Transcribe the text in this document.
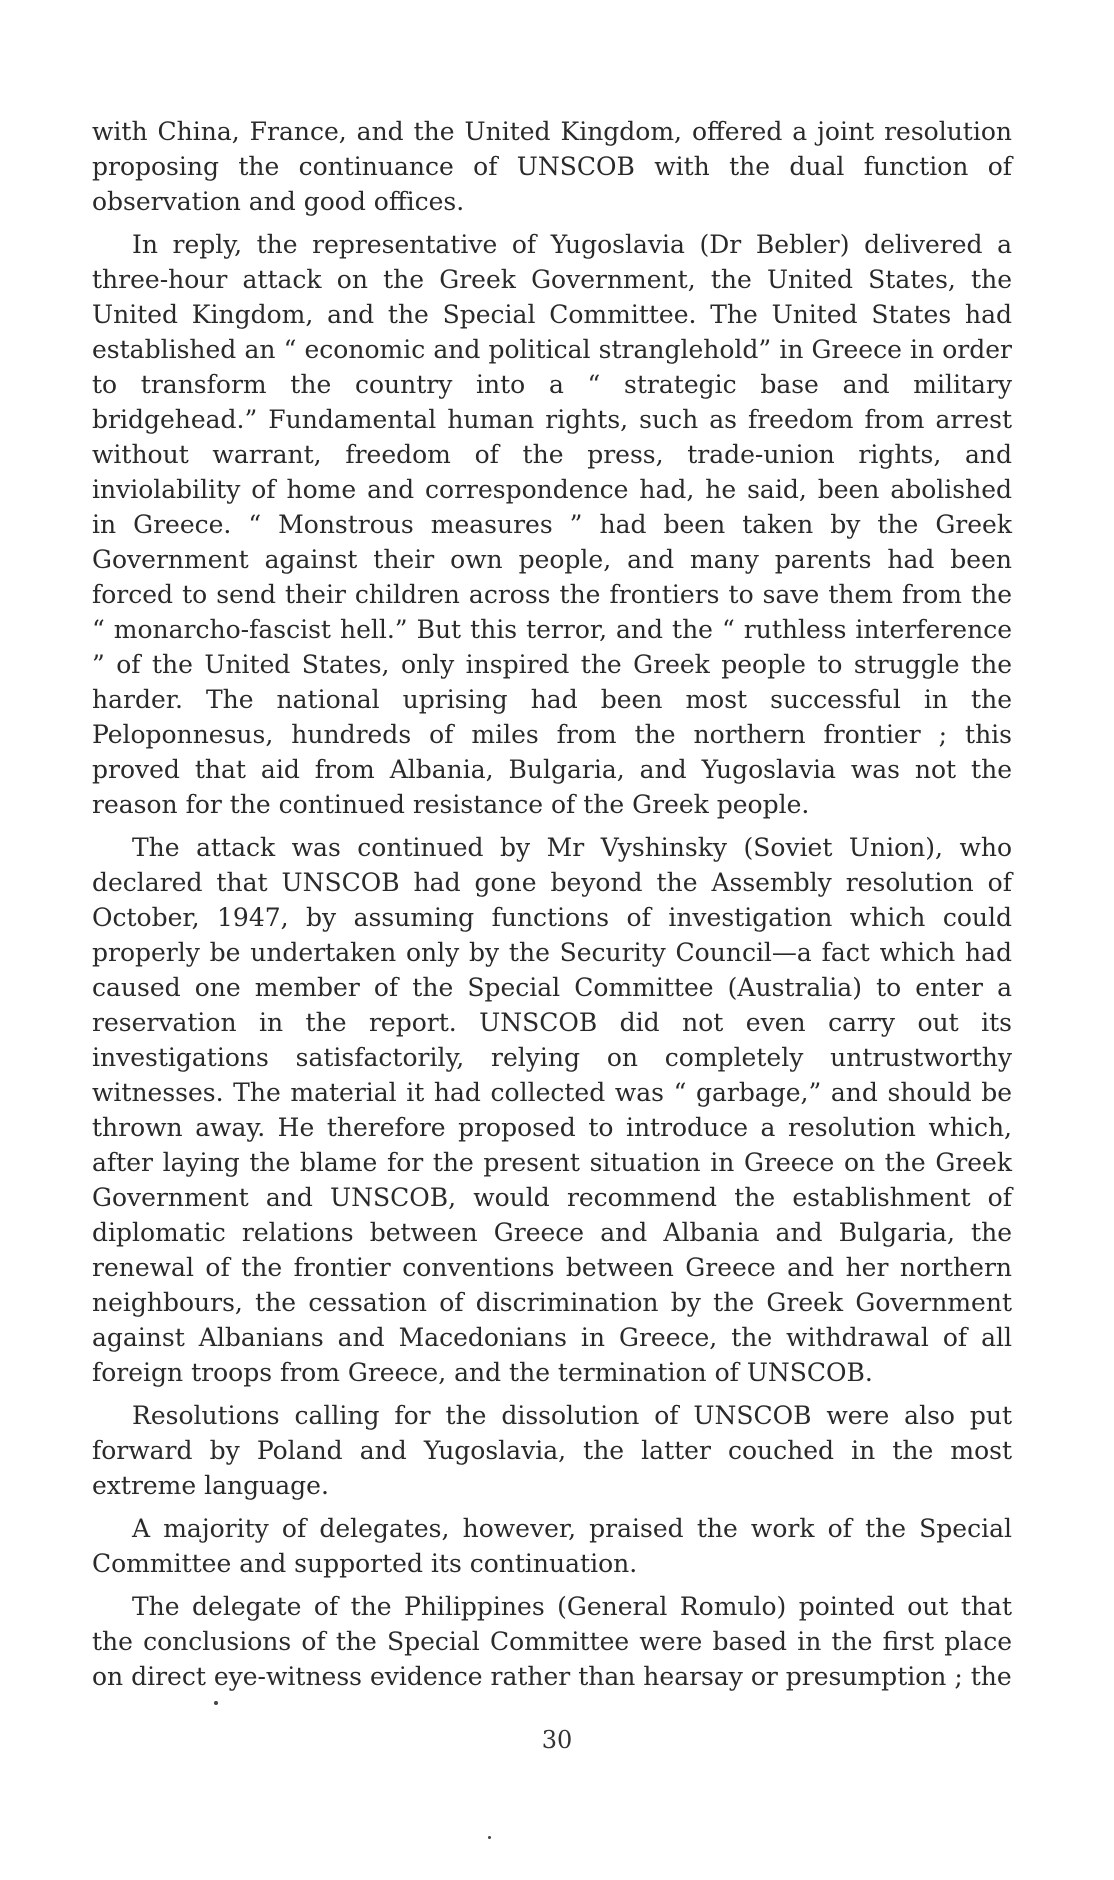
with China, France, and the United Kingdom, offered a joint resolution proposing the continuance of UNSCOB with the dual function of observation and good offices.

In reply, the representative of Yugoslavia (Dr Bebler) delivered a three-hour attack on the Greek Government, the United States, the United Kingdom, and the Special Committee. The United States had established an “ economic and political stranglehold” in Greece in order to transform the country into a “ strategic base and military bridgehead.” Fundamental human rights, such as freedom from arrest without warrant, freedom of the press, trade-union rights, and inviolability of home and correspondence had, he said, been abolished in Greece. “ Monstrous measures ” had been taken by the Greek Government against their own people, and many parents had been forced to send their children across the frontiers to save them from the “ monarcho-fascist hell.” But this terror, and the “ ruthless interference ” of the United States, only inspired the Greek people to struggle the harder. The national uprising had been most successful in the Peloponnesus, hundreds of miles from the northern frontier ; this proved that aid from Albania, Bulgaria, and Yugoslavia was not the reason for the continued resistance of the Greek people.

The attack was continued by Mr Vyshinsky (Soviet Union), who declared that UNSCOB had gone beyond the Assembly resolution of October, 1947, by assuming functions of investigation which could properly be undertaken only by the Security Council—a fact which had caused one member of the Special Committee (Australia) to enter a reservation in the report. UNSCOB did not even carry out its investigations satisfactorily, relying on completely untrustworthy witnesses. The material it had collected was “ garbage,” and should be thrown away. He therefore proposed to introduce a resolution which, after laying the blame for the present situation in Greece on the Greek Government and UNSCOB, would recommend the establishment of diplomatic relations between Greece and Albania and Bulgaria, the renewal of the frontier conventions between Greece and her northern neighbours, the cessation of discrimination by the Greek Government against Albanians and Macedonians in Greece, the withdrawal of all foreign troops from Greece, and the termination of UNSCOB.

Resolutions calling for the dissolution of UNSCOB were also put forward by Poland and Yugoslavia, the latter couched in the most extreme language.

A majority of delegates, however, praised the work of the Special Committee and supported its continuation.

The delegate of the Philippines (General Romulo) pointed out that the conclusions of the Special Committee were based in the first place on direct eye-witness evidence rather than hearsay or presumption ; the

30
